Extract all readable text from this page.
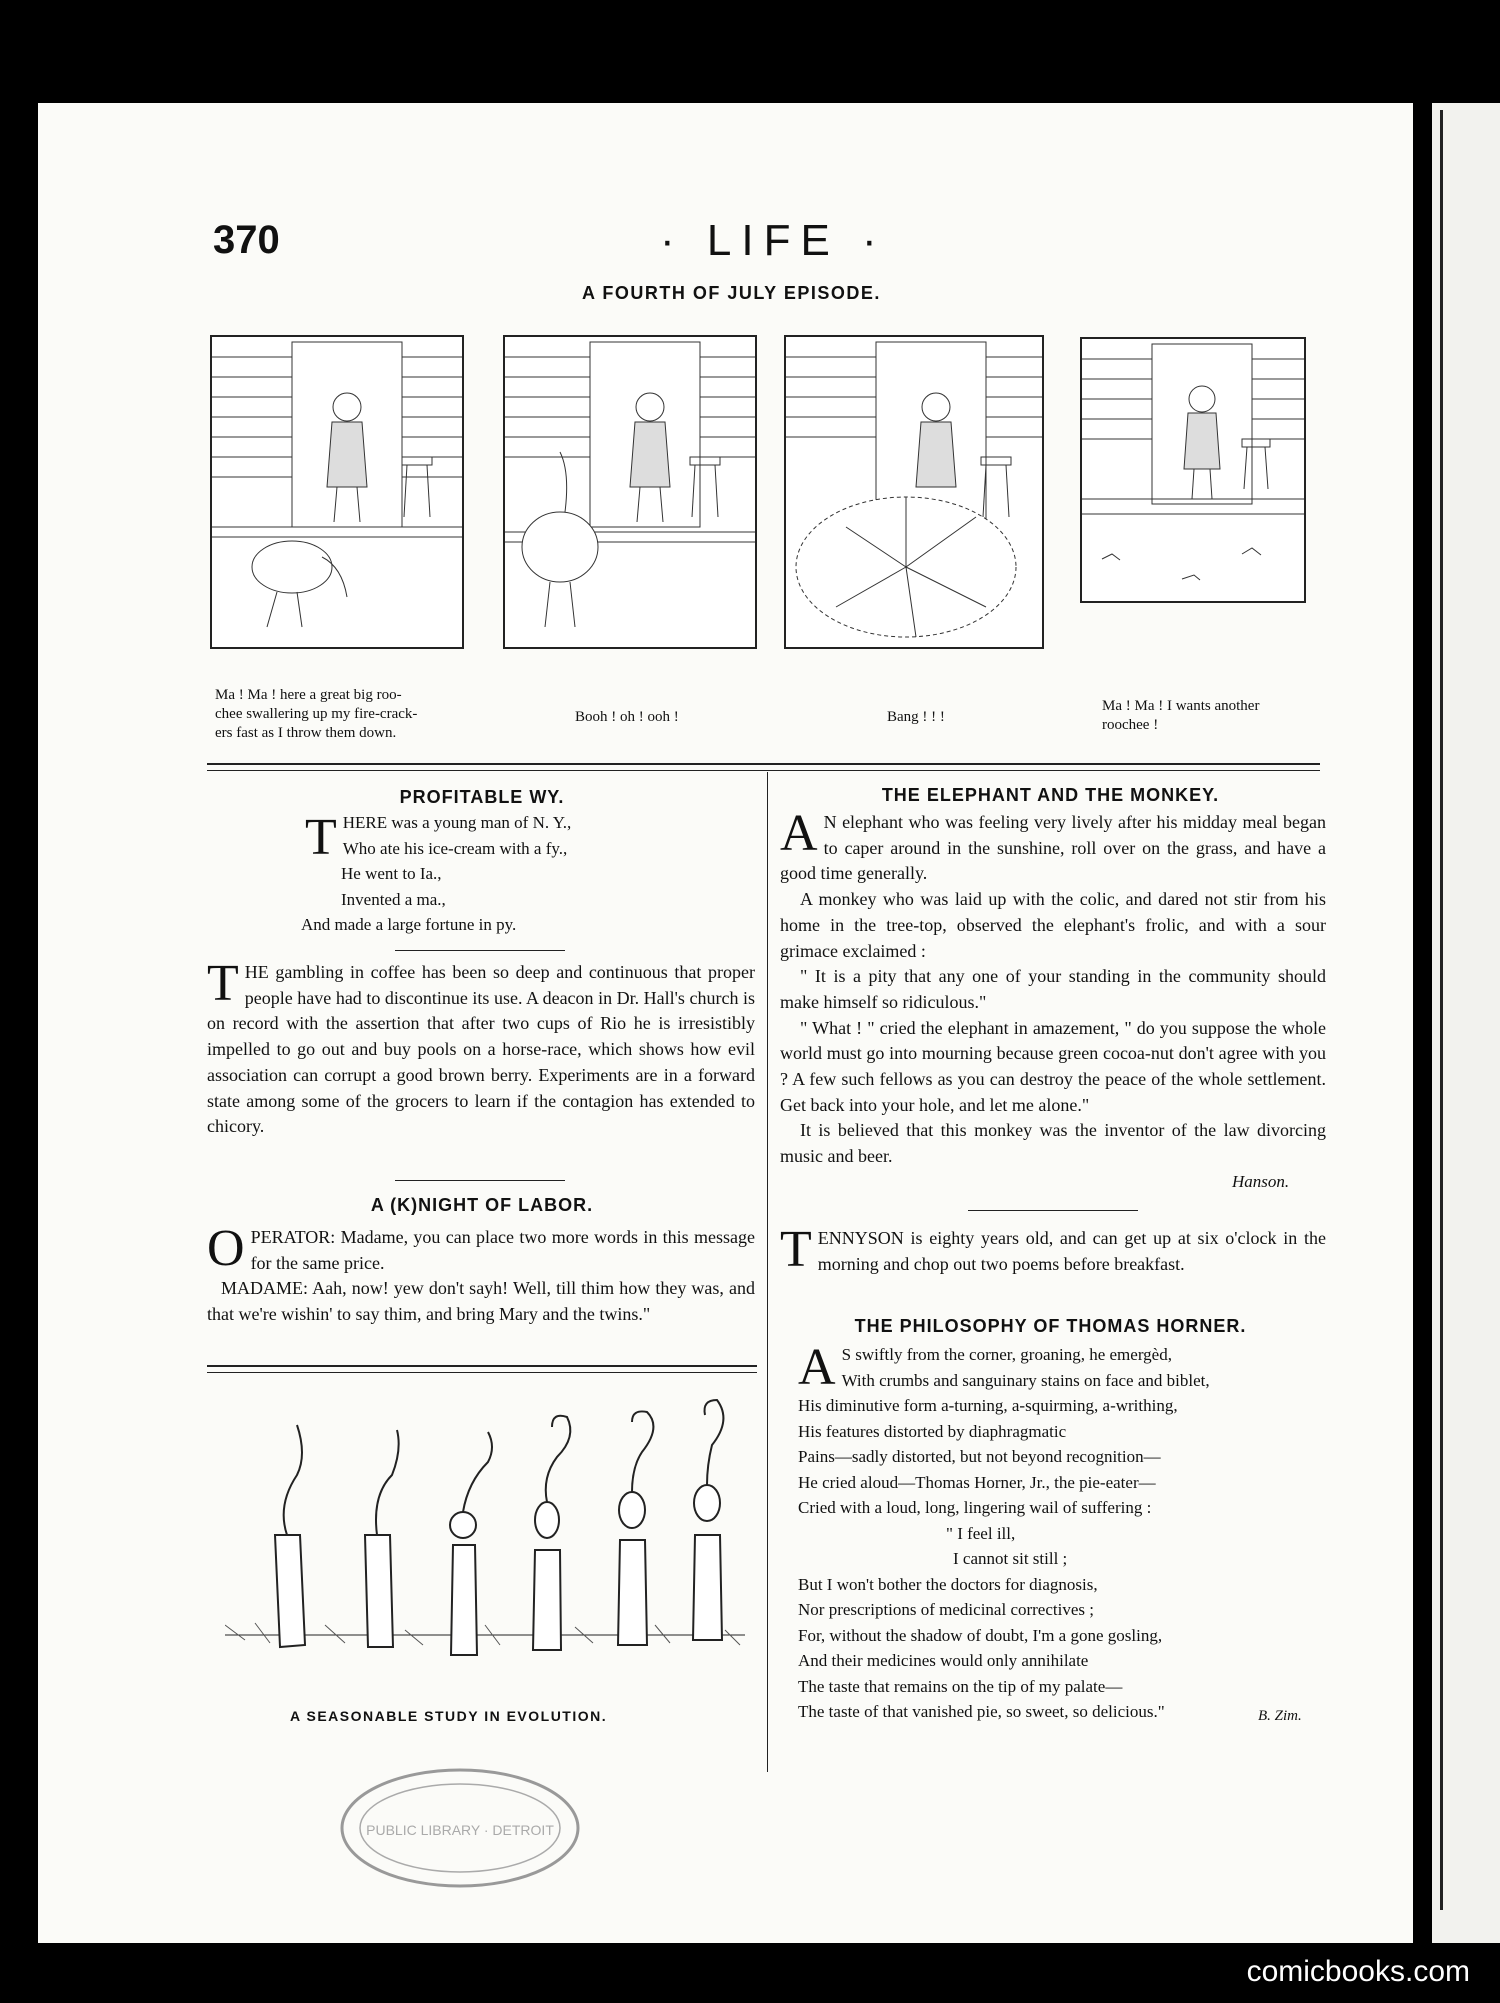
370	· LIFE ·
A FOURTH OF JULY EPISODE.
Ma ! Ma ! here a great big roo-
chee swallering up my fire-crack-
ers fast as I throw them down.
Booh ! oh ! ooh !	Bang ! ! !
Ma ! Ma ! I wants another
roochee !
PROFITABLE WY.
T HERE was a young man of N. Y.,
Who ate his ice-cream with a fy.,
He went to Ia.,
Invented a ma.,
And made a large fortune in py.
THE gambling in coffee has been so deep and continuous that proper people have had to discontinue its use. A deacon in Dr. Hall's church is on record with the assertion that after two cups of Rio he is irresistibly impelled to go out and buy pools on a horse-race, which shows how evil association can corrupt a good brown berry. Experiments are in a forward state among some of the grocers to learn if the contagion has extended to chicory.
A (K)NIGHT OF LABOR.
OPERATOR: Madame, you can place two more words in this message for the same price.
MADAME: Aah, now! yew don't sayh! Well, till thim how they was, and that we're wishin' to say thim, and bring Mary and the twins."
A SEASONABLE STUDY IN EVOLUTION.
PUBLIC LIBRARY · DETROIT
THE ELEPHANT AND THE MONKEY.
A N elephant who was feeling very lively after his midday meal began to caper around in the sunshine, roll over on the grass, and have a good time generally.
A monkey who was laid up with the colic, and dared not stir from his home in the tree-top, observed the elephant's frolic, and with a sour grimace exclaimed :
" It is a pity that any one of your standing in the community should make himself so ridiculous."
" What ! " cried the elephant in amazement, " do you suppose the whole world must go into mourning because green cocoa-nut don't agree with you ? A few such fellows as you can destroy the peace of the whole settlement. Get back into your hole, and let me alone."
It is believed that this monkey was the inventor of the law divorcing music and beer.
Hanson.
TENNYSON is eighty years old, and can get up at six o'clock in the morning and chop out two poems before breakfast.
THE PHILOSOPHY OF THOMAS HORNER.
A S swiftly from the corner, groaning, he emergèd,
With crumbs and sanguinary stains on face and biblet,
His diminutive form a-turning, a-squirming, a-writhing,
His features distorted by diaphragmatic
Pains—sadly distorted, but not beyond recognition—
He cried aloud—Thomas Horner, Jr., the pie-eater—
Cried with a loud, long, lingering wail of suffering :
" I feel ill,
I cannot sit still ;
But I won't bother the doctors for diagnosis,
Nor prescriptions of medicinal correctives ;
For, without the shadow of doubt, I'm a gone gosling,
And their medicines would only annihilate
The taste that remains on the tip of my palate—
The taste of that vanished pie, so sweet, so delicious."	B. Zim.
comicbooks.com
